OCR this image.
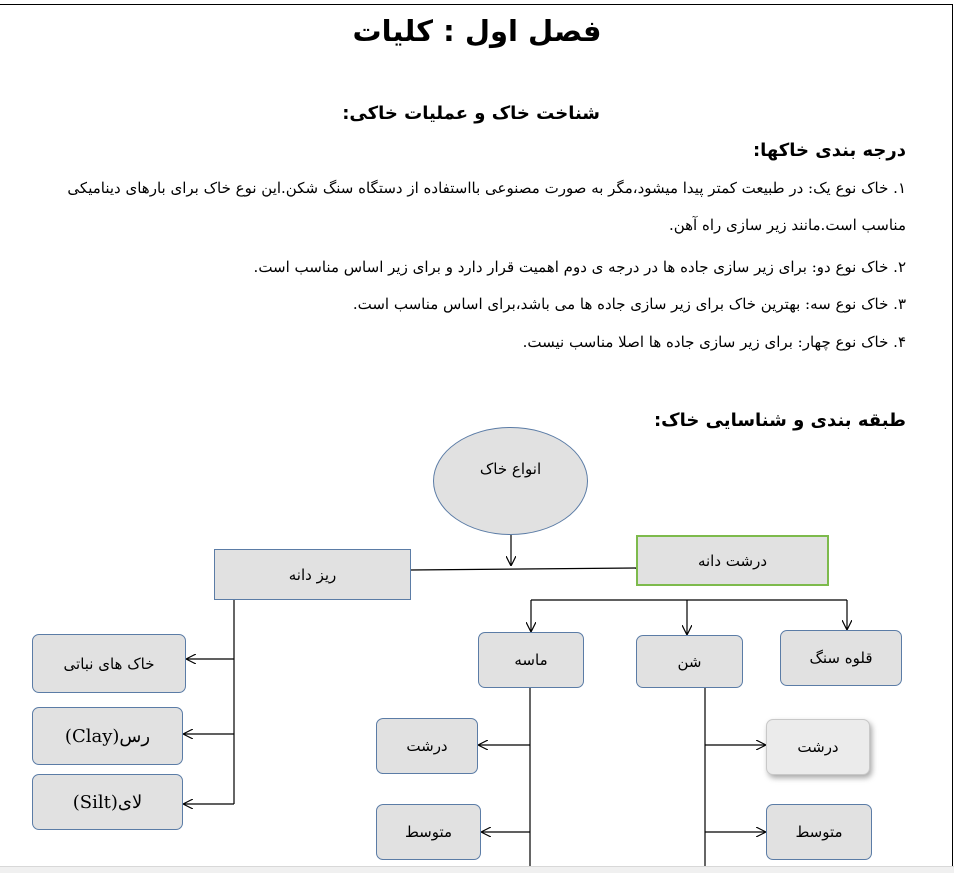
فصل اول : کلیات
شناخت خاک و عملیات خاکی:
درجه بندی خاکها:
۱. خاک نوع یک: در طبیعت کمتر پیدا میشود،مگر به صورت مصنوعی بااستفاده از دستگاه سنگ شکن.این نوع خاک برای بارهای دینامیکی مناسب است.مانند زیر سازی راه آهن.
۲. خاک نوع دو: برای زیر سازی جاده ها در درجه ی دوم اهمیت قرار دارد و برای زیر اساس مناسب است.
۳. خاک نوع سه: بهترین خاک برای زیر سازی جاده ها می باشد،برای اساس مناسب است.
۴. خاک نوع چهار: برای زیر سازی جاده ها اصلا مناسب نیست.
طبقه بندی و شناسایی خاک:
انواع خاک
ریز دانه
درشت دانه
ماسه	شن	قلوه سنگ
خاک های نباتی
رس(Clay)
لای(Silt)
درشت
متوسط
درشت
متوسط
